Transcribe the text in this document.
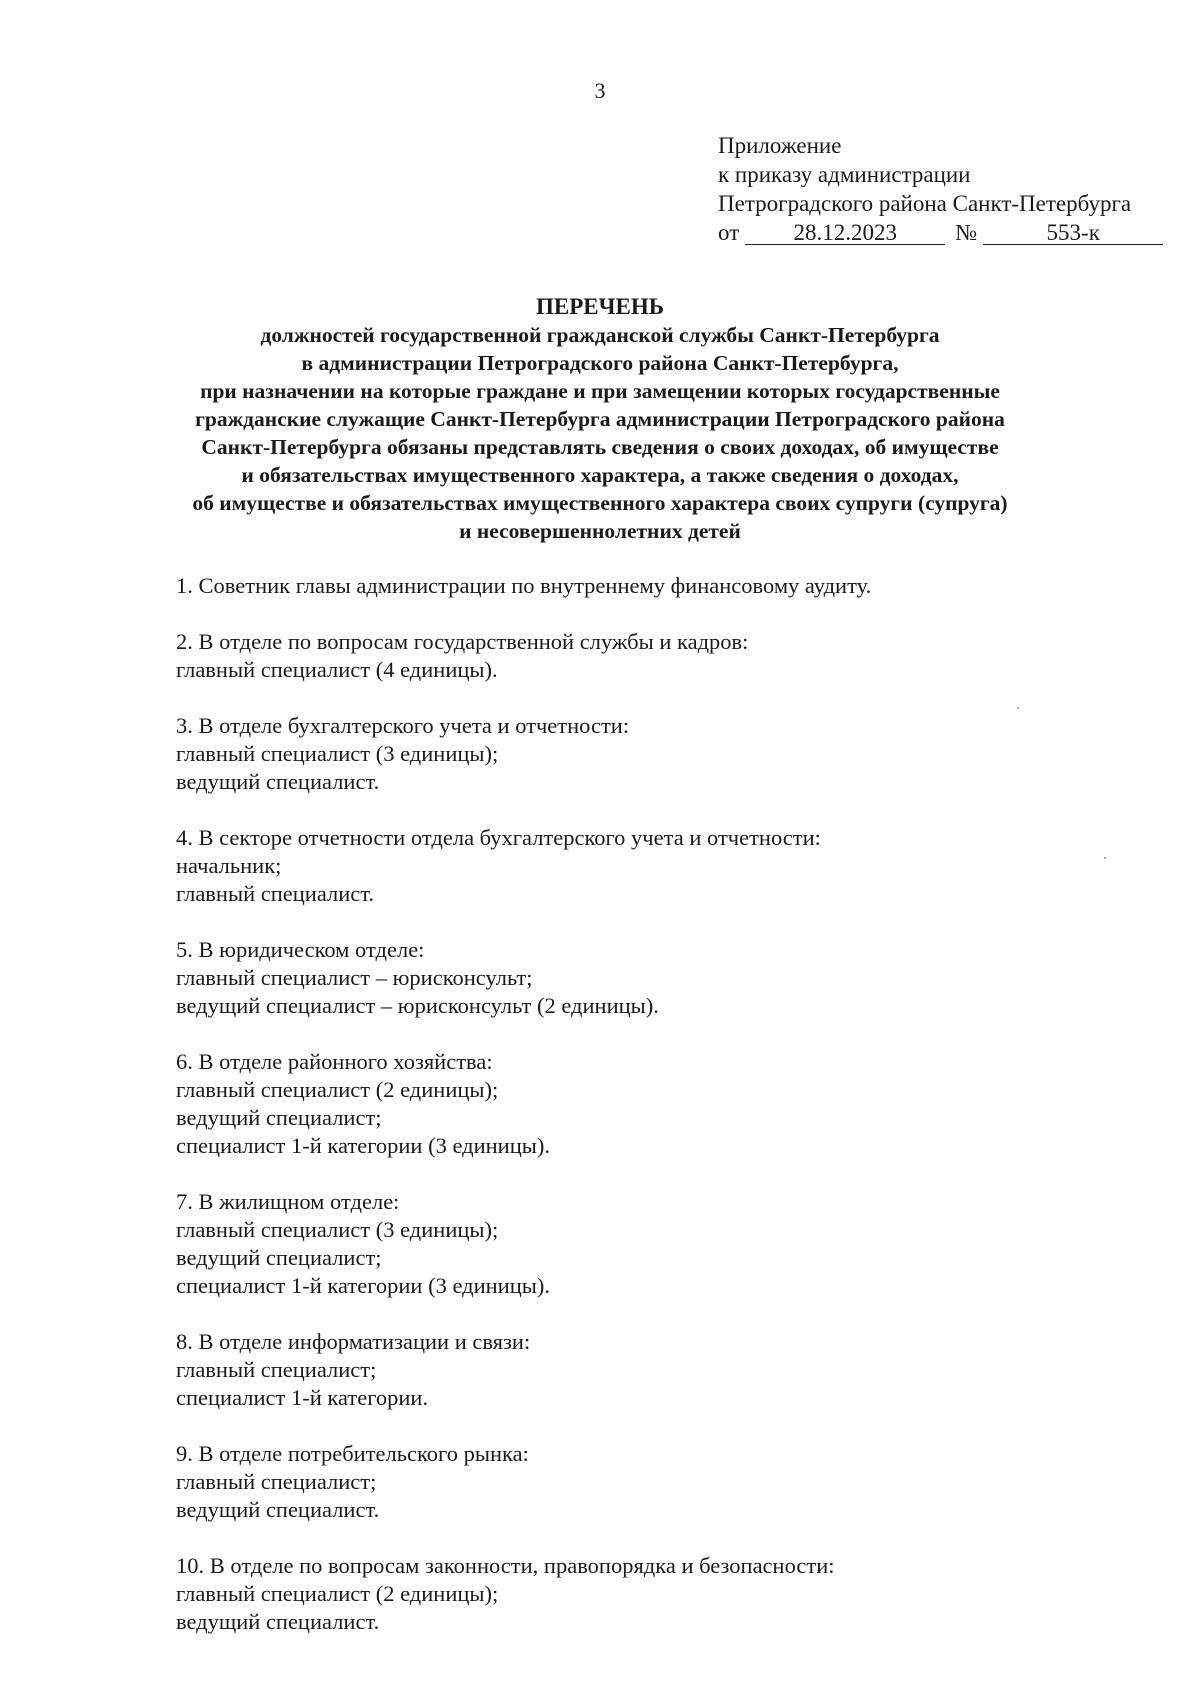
3
Приложение
к приказу администрации
Петроградского района Санкт-Петербурга
от 28.12.2023	№	553-к
ПЕРЕЧЕНЬ
должностей государственной гражданской службы Санкт-Петербурга
в администрации Петроградского района Санкт-Петербурга,
при назначении на которые граждане и при замещении которых государственные
гражданские служащие Санкт-Петербурга администрации Петроградского района
Санкт-Петербурга обязаны представлять сведения о своих доходах, об имуществе
и обязательствах имущественного характера, а также сведения о доходах,
об имуществе и обязательствах имущественного характера своих супруги (супруга)
и несовершеннолетних детей
1. Советник главы администрации по внутреннему финансовому аудиту.
2. В отделе по вопросам государственной службы и кадров:
главный специалист (4 единицы).
3. В отделе бухгалтерского учета и отчетности:
главный специалист (3 единицы);
ведущий специалист.
4. В секторе отчетности отдела бухгалтерского учета и отчетности:
начальник;
главный специалист.
5. В юридическом отделе:
главный специалист – юрисконсульт;
ведущий специалист – юрисконсульт (2 единицы).
6. В отделе районного хозяйства:
главный специалист (2 единицы);
ведущий специалист;
специалист 1-й категории (3 единицы).
7. В жилищном отделе:
главный специалист (3 единицы);
ведущий специалист;
специалист 1-й категории (3 единицы).
8. В отделе информатизации и связи:
главный специалист;
специалист 1-й категории.
9. В отделе потребительского рынка:
главный специалист;
ведущий специалист.
10. В отделе по вопросам законности, правопорядка и безопасности:
главный специалист (2 единицы);
ведущий специалист.
